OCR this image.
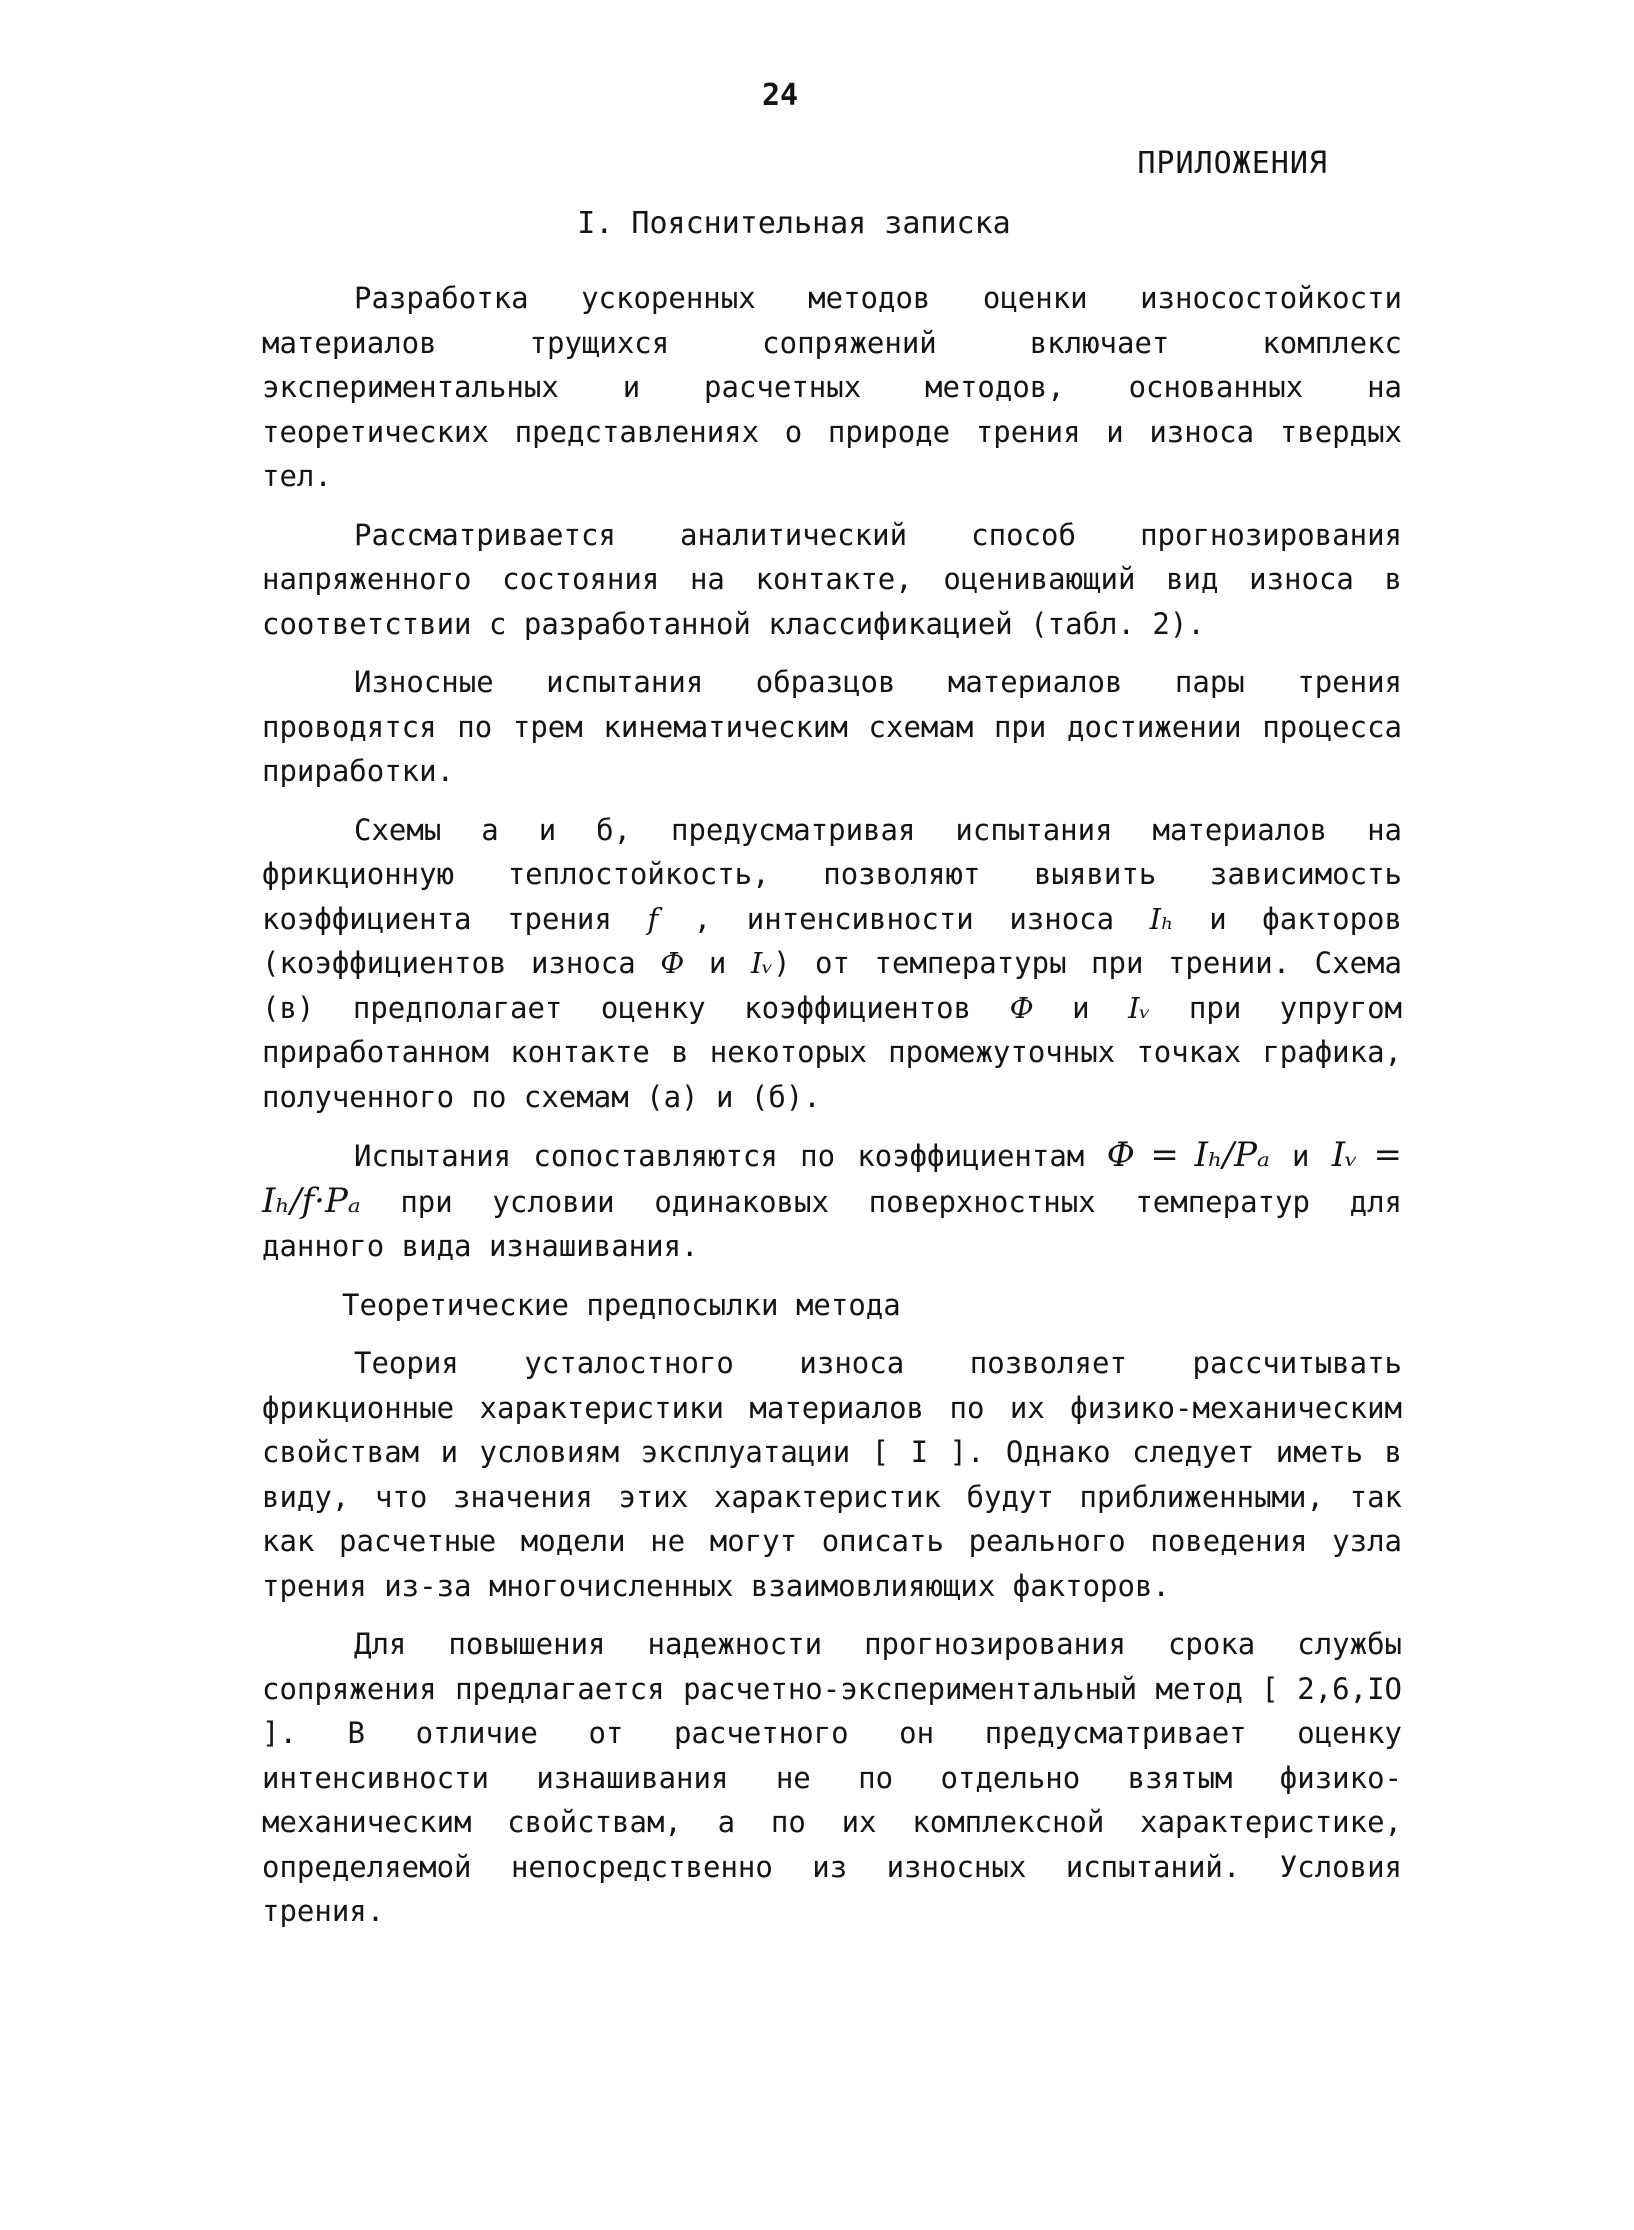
24
ПРИЛОЖЕНИЯ
I. Пояснительная записка

Разработка ускоренных методов оценки износостойкости материалов трущихся сопряжений включает комплекс экспериментальных и расчетных методов, основанных на теоретических представлениях о природе трения и износа твердых тел.

Рассматривается аналитический способ прогнозирования напряженного состояния на контакте, оценивающий вид износа в соответствии с разработанной классификацией (табл. 2).

Износные испытания образцов материалов пары трения проводятся по трем кинематическим схемам при достижении процесса приработки.

Схемы а и б, предусматривая испытания материалов на фрикционную теплостойкость, позволяют выявить зависимость коэффициента трения f , интенсивности износа Iₕ и факторов (коэффициентов износа Ф и Iᵥ) от температуры при трении. Схема (в) предполагает оценку коэффициентов Ф и Iᵥ при упругом приработанном контакте в некоторых промежуточных точках графика, полученного по схемам (а) и (б).

Испытания сопоставляются по коэффициентам Ф = Iₕ/Pₐ и Iᵥ = Iₕ/f·Pₐ при условии одинаковых поверхностных температур для данного вида изнашивания.

Теоретические предпосылки метода

Теория усталостного износа позволяет рассчитывать фрикционные характеристики материалов по их физико-механическим свойствам и условиям эксплуатации [ I ]. Однако следует иметь в виду, что значения этих характеристик будут приближенными, так как расчетные модели не могут описать реального поведения узла трения из-за многочисленных взаимовлияющих факторов.

Для повышения надежности прогнозирования срока службы сопряжения предлагается расчетно-экспериментальный метод [ 2,6,IO ]. В отличие от расчетного он предусматривает оценку интенсивности изнашивания не по отдельно взятым физико-механическим свойствам, а по их комплексной характеристике, определяемой непосредственно из износных испытаний. Условия трения.
